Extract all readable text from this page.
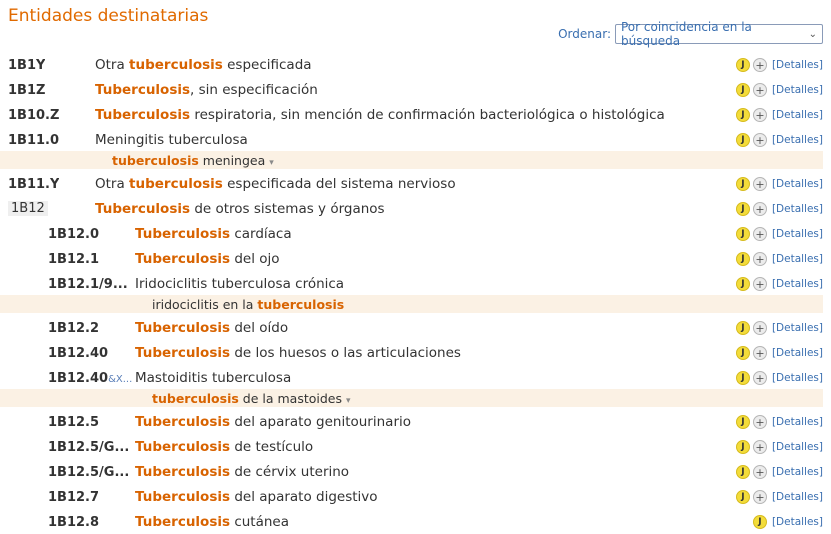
Entidades destinatarias
Ordenar: Por coincidencia en la búsqueda	⌄
1B1Y	Otra tuberculosis especificada	J + [Detalles]
1B1Z	Tuberculosis, sin especificación	J + [Detalles]
1B10.Z	Tuberculosis respiratoria, sin mención de confirmación bacteriológica o histológica	J + [Detalles]
1B11.0	Meningitis tuberculosa
tuberculosis meningea ▾
J + [Detalles]
1B11.Y	Otra tuberculosis especificada del sistema nervioso	J + [Detalles]
1B12	Tuberculosis de otros sistemas y órganos	J + [Detalles]
1B12.0	Tuberculosis cardíaca	J + [Detalles]
1B12.1	Tuberculosis del ojo	J + [Detalles]
1B12.1/9... Iridociclitis tuberculosa crónica
iridociclitis en la tuberculosis
J + [Detalles]
1B12.2	Tuberculosis del oído	J + [Detalles]
1B12.40 Tuberculosis de los huesos o las articulaciones	J + [Detalles]
1B12.40&X... Mastoiditis tuberculosa
tuberculosis de la mastoides ▾
J + [Detalles]
1B12.5	Tuberculosis del aparato genitourinario	J + [Detalles]
1B12.5/G... Tuberculosis de testículo	J + [Detalles]
1B12.5/G... Tuberculosis de cérvix uterino	J + [Detalles]
1B12.7	Tuberculosis del aparato digestivo	J + [Detalles]
1B12.8	Tuberculosis cutánea	J [Detalles]
